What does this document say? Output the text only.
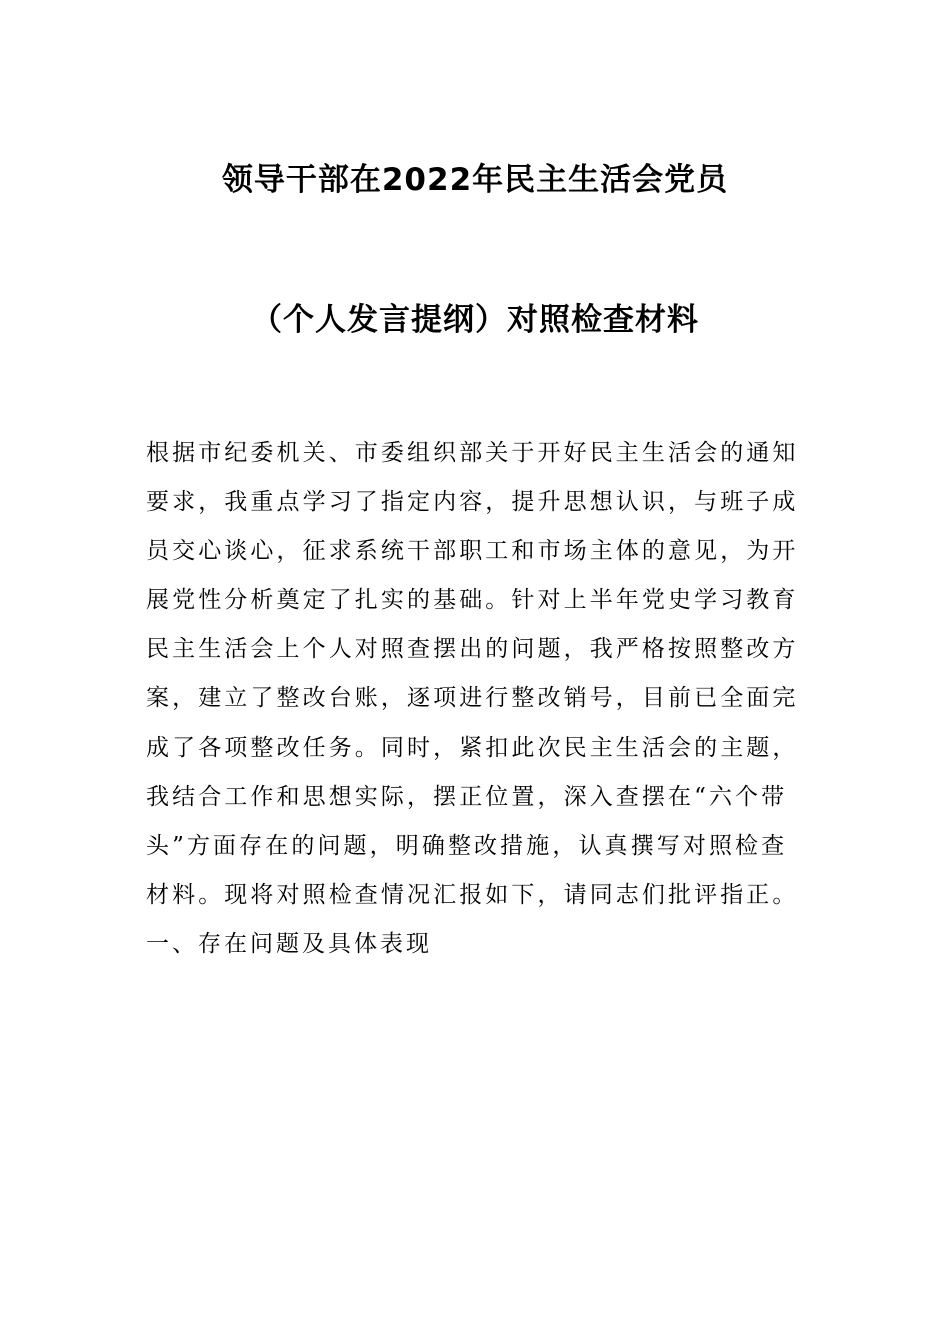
领导干部在2022年民主生活会党员
（个人发言提纲）对照检查材料
根据市纪委机关、市委组织部关于开好民主生活会的通知
要求，我重点学习了指定内容，提升思想认识，与班子成
员交心谈心，征求系统干部职工和市场主体的意见，为开
展党性分析奠定了扎实的基础。针对上半年党史学习教育
民主生活会上个人对照查摆出的问题，我严格按照整改方
案，建立了整改台账，逐项进行整改销号，目前已全面完
成了各项整改任务。同时，紧扣此次民主生活会的主题，
我结合工作和思想实际，摆正位置，深入查摆在“六个带
头”方面存在的问题，明确整改措施，认真撰写对照检查
材料。现将对照检查情况汇报如下，请同志们批评指正。
一、存在问题及具体表现
